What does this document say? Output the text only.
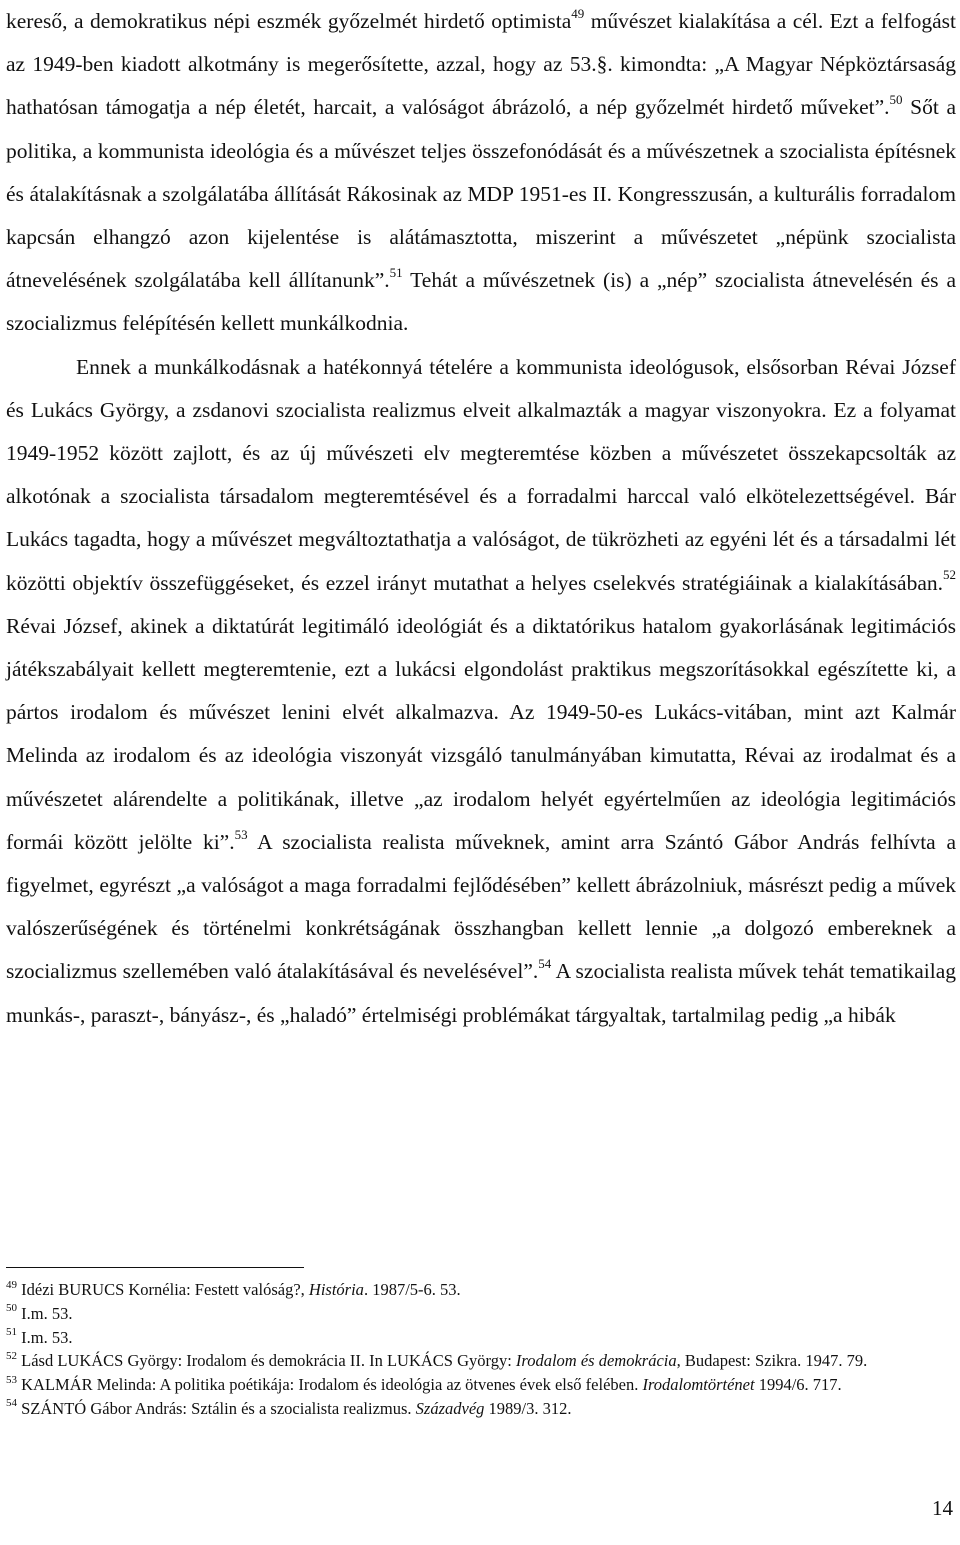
kereső, a demokratikus népi eszmék győzelmét hirdető optimista$^{49}$ művészet kialakítása a cél. Ezt a felfogást az 1949-ben kiadott alkotmány is megerősítette, azzal, hogy az 53.§. kimondta: „A Magyar Népköztársaság hathatósan támogatja a nép életét, harcait, a valóságot ábrázoló, a nép győzelmét hirdető műveket”.$^{50}$ Sőt a politika, a kommunista ideológia és a művészet teljes összefonódását és a művészetnek a szocialista építésnek és átalakításnak a szolgálatába állítását Rákosinak az MDP 1951-es II. Kongresszusán, a kulturális forradalom kapcsán elhangzó azon kijelentése is alátámasztotta, miszerint a művészetet „népünk szocialista átnevelésének szolgálatába kell állítanunk”.$^{51}$ Tehát a művészetnek (is) a „nép” szocialista átnevelésén és a szocializmus felépítésén kellett munkálkodnia.

Ennek a munkálkodásnak a hatékonnyá tételére a kommunista ideológusok, elsősorban Révai József és Lukács György, a zsdanovi szocialista realizmus elveit alkalmazták a magyar viszonyokra. Ez a folyamat 1949-1952 között zajlott, és az új művészeti elv megteremtése közben a művészetet összekapcsolták az alkotónak a szocialista társadalom megteremtésével és a forradalmi harccal való elkötelezettségével. Bár Lukács tagadta, hogy a művészet megváltoztathatja a valóságot, de tükrözheti az egyéni lét és a társadalmi lét közötti objektív összefüggéseket, és ezzel irányt mutathat a helyes cselekvés stratégiáinak a kialakításában.$^{52}$ Révai József, akinek a diktatúrát legitimáló ideológiát és a diktatórikus hatalom gyakorlásának legitimációs játékszabályait kellett megteremtenie, ezt a lukácsi elgondolást praktikus megszorításokkal egészítette ki, a pártos irodalom és művészet lenini elvét alkalmazva. Az 1949-50-es Lukács-vitában, mint azt Kalmár Melinda az irodalom és az ideológia viszonyát vizsgáló tanulmányában kimutatta, Révai az irodalmat és a művészetet alárendelte a politikának, illetve „az irodalom helyét egyértelműen az ideológia legitimációs formái között jelölte ki”.$^{53}$ A szocialista realista műveknek, amint arra Szántó Gábor András felhívta a figyelmet, egyrészt „a valóságot a maga forradalmi fejlődésében” kellett ábrázolniuk, másrészt pedig a művek valószerűségének és történelmi konkrétságának összhangban kellett lennie „a dolgozó embereknek a szocializmus szellemében való átalakításával és nevelésével”.$^{54}$ A szocialista realista művek tehát tematikailag munkás-, paraszt-, bányász-, és „haladó” értelmiségi problémákat tárgyaltak, tartalmilag pedig „a hibák

$^{49}$ Idézi BURUCS Kornélia: Festett valóság?, História. 1987/5-6. 53.

$^{50}$ I.m. 53.

$^{51}$ I.m. 53.

$^{52}$ Lásd LUKÁCS György: Irodalom és demokrácia II. In LUKÁCS György: Irodalom és demokrácia, Budapest: Szikra. 1947. 79.

$^{53}$ KALMÁR Melinda: A politika poétikája: Irodalom és ideológia az ötvenes évek első felében. Irodalomtörténet 1994/6. 717.

$^{54}$ SZÁNTÓ Gábor András: Sztálin és a szocialista realizmus. Századvég 1989/3. 312.

14
